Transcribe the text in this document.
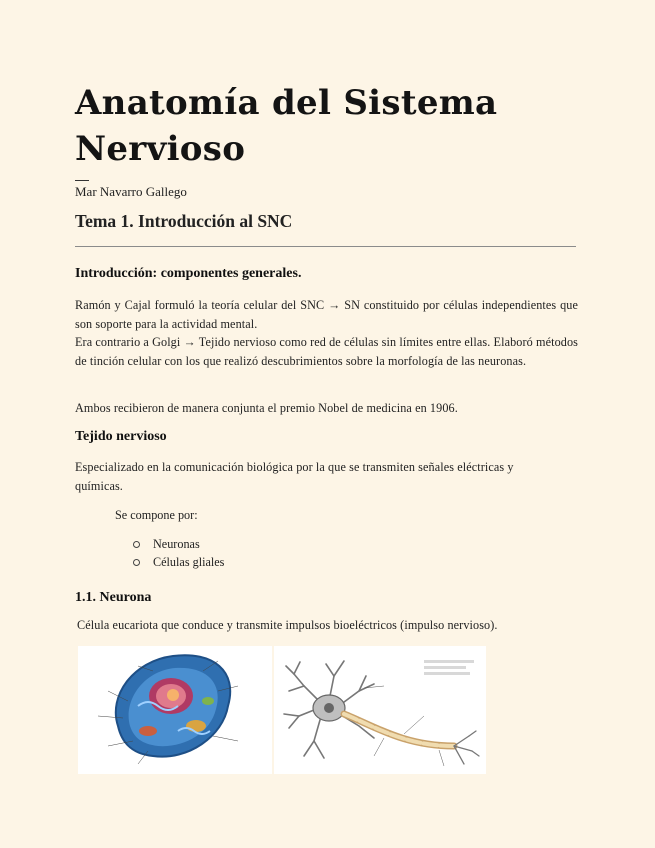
Anatomía del Sistema Nervioso
Mar Navarro Gallego
Tema 1. Introducción al SNC
Introducción: componentes generales.

Ramón y Cajal formuló la teoría celular del SNC → SN constituido por células independientes que son soporte para la actividad mental.

Era contrario a Golgi → Tejido nervioso como red de células sin límites entre ellas. Elaboró métodos de tinción celular con los que realizó descubrimientos sobre la morfología de las neuronas.

Ambos recibieron de manera conjunta el premio Nobel de medicina en 1906.

Tejido nervioso

Especializado en la comunicación biológica por la que se transmiten señales eléctricas y químicas.

Se compone por:
Neuronas
Células gliales
1.1. Neurona

Célula eucariota que conduce y transmite impulsos bioeléctricos (impulso nervioso).
